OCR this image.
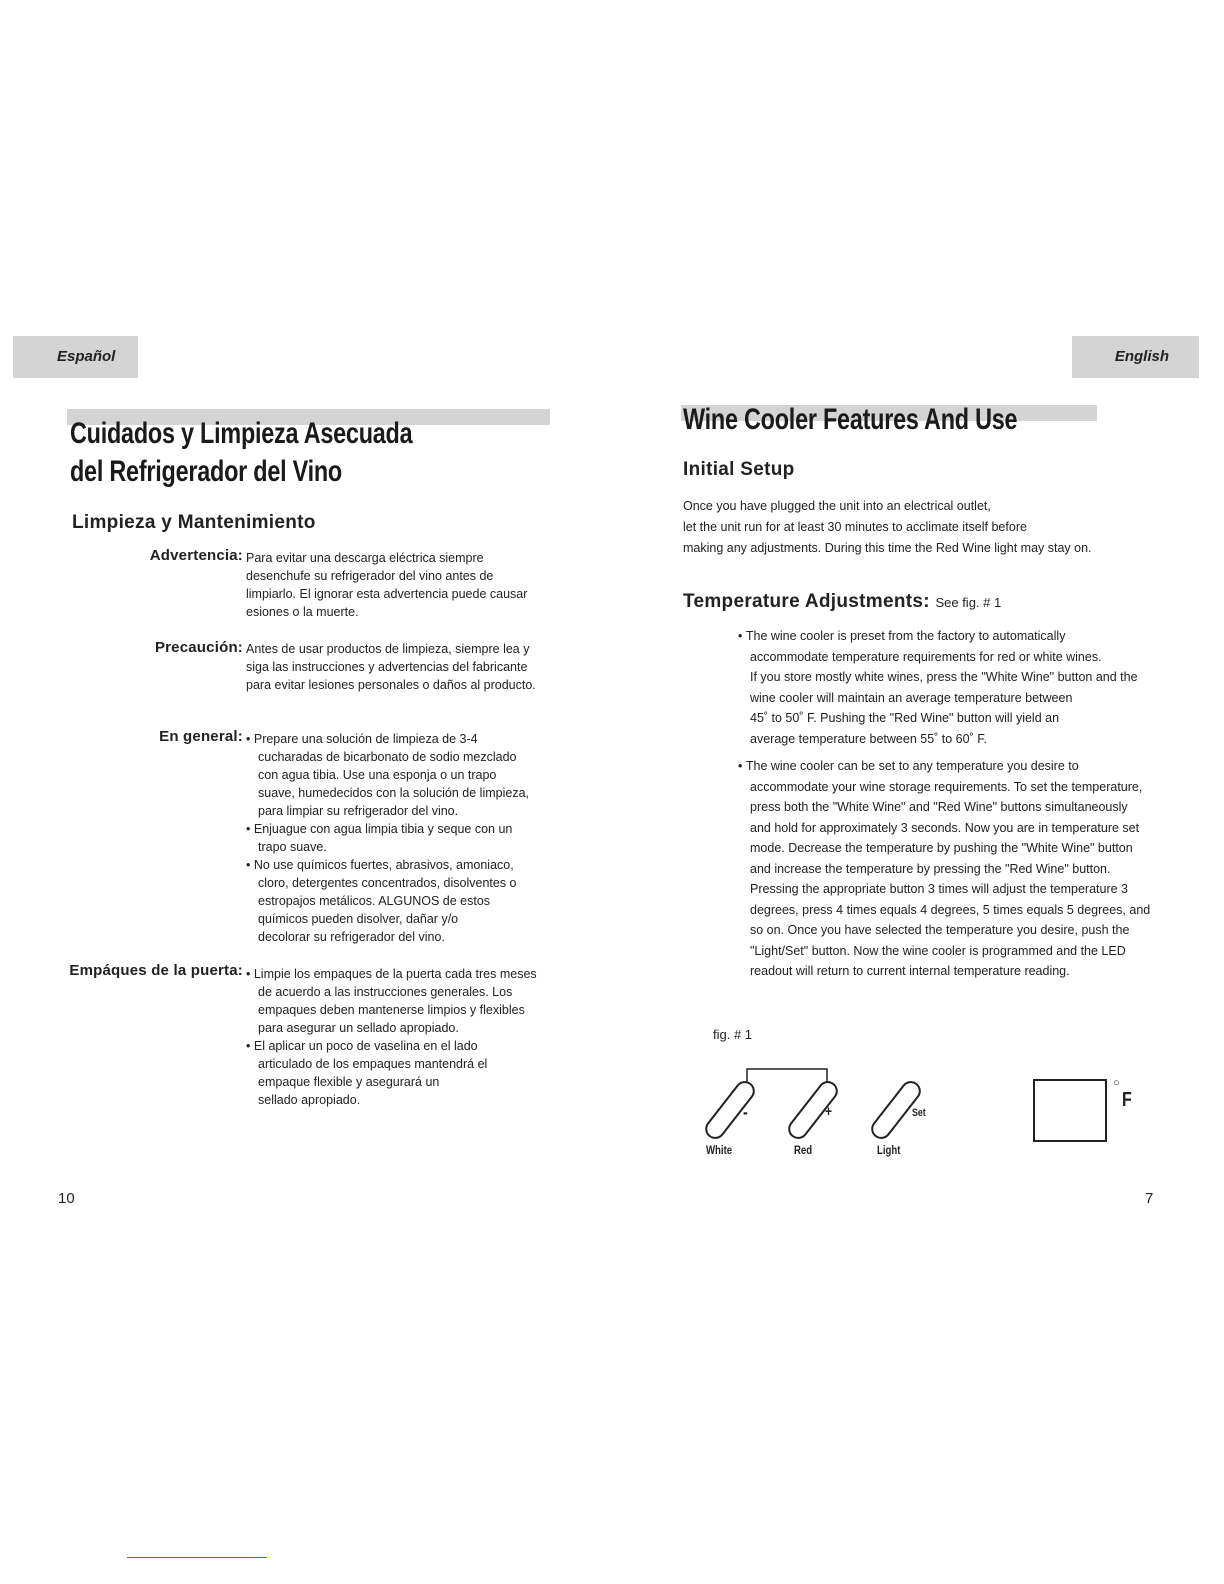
Español
Cuidados y Limpieza Asecuada
del Refrigerador del Vino
Limpieza y Mantenimiento
Advertencia: Para evitar una descarga eléctrica siempre
desenchufe su refrigerador del vino antes de
limpiarlo. El ignorar esta advertencia puede causar
esiones o la muerte.
Precaución: Antes de usar productos de limpieza, siempre lea y
siga las instrucciones y advertencias del fabricante
para evitar lesiones personales o daños al producto.
En general: • Prepare una solución de limpieza de 3-4
cucharadas de bicarbonato de sodio mezclado
con agua tibia. Use una esponja o un trapo
suave, humedecidos con la solución de limpieza,
para limpiar su refrigerador del vino.
• Enjuague con agua limpia tibia y seque con un
trapo suave.
• No use químicos fuertes, abrasivos, amoniaco,
cloro, detergentes concentrados, disolventes o
estropajos metálicos. ALGUNOS de estos
químicos pueden disolver, dañar y/o
decolorar su refrigerador del vino.
Empáques de la puerta: • Limpie los empaques de la puerta cada tres meses
de acuerdo a las instrucciones generales. Los
empaques deben mantenerse limpios y flexibles
para asegurar un sellado apropiado.
• El aplicar un poco de vaselina en el lado
articulado de los empaques mantendrá el
empaque flexible y asegurará un
sellado apropiado.
10
English
Wine Cooler Features And Use
Initial Setup
Once you have plugged the unit into an electrical outlet,
let the unit run for at least 30 minutes to acclimate itself before
making any adjustments. During this time the Red Wine light may stay on.
Temperature Adjustments: See fig. # 1
• The wine cooler is preset from the factory to automatically
accommodate temperature requirements for red or white wines.
If you store mostly white wines, press the "White Wine" button and the
wine cooler will maintain an average temperature between
45˚ to 50˚ F. Pushing the "Red Wine" button will yield an
average temperature between 55˚ to 60˚ F.
• The wine cooler can be set to any temperature you desire to
accommodate your wine storage requirements. To set the temperature,
press both the "White Wine" and "Red Wine" buttons simultaneously
and hold for approximately 3 seconds. Now you are in temperature set
mode. Decrease the temperature by pushing the "White Wine" button
and increase the temperature by pressing the "Red Wine" button.
Pressing the appropriate button 3 times will adjust the temperature 3
degrees, press 4 times equals 4 degrees, 5 times equals 5 degrees, and
so on. Once you have selected the temperature you desire, push the
"Light/Set" button. Now the wine cooler is programmed and the LED
readout will return to current internal temperature reading.
fig. # 1
-	+	Set
White	Red	Light
○
F
7
